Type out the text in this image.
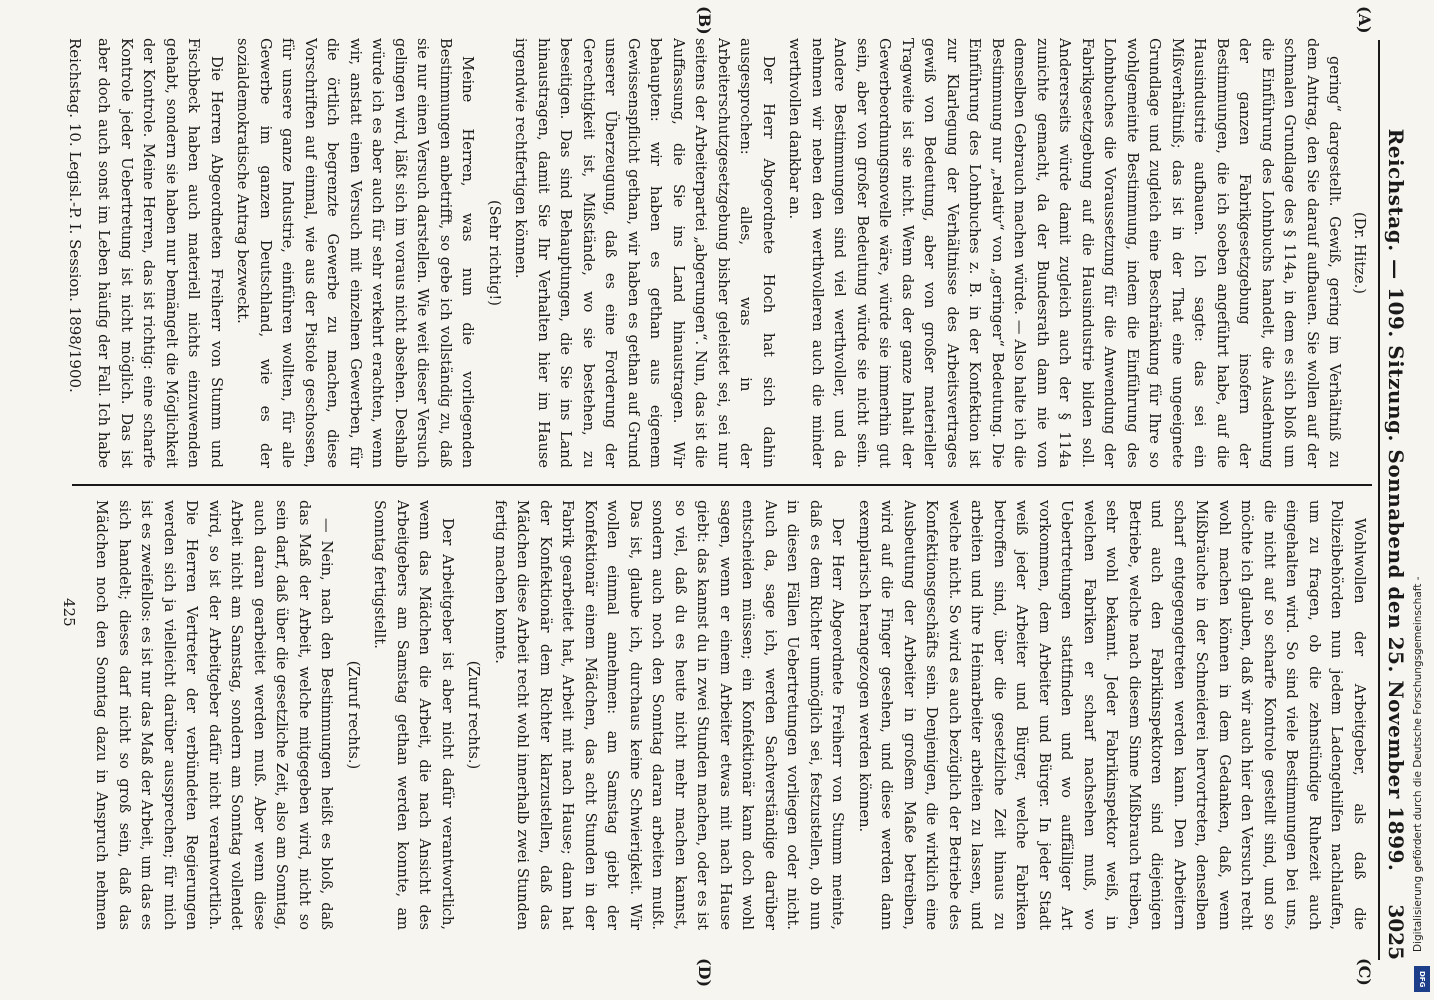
Reichstag. — 109. Sitzung. Sonnabend den 25. November 1899.
3025
(A)
(B)
(C)
(D)
(Dr. Hitze.)

gering“ dargestellt. Gewiß, gering im Verhältniß zu dem Antrag, den Sie darauf aufbauen. Sie wollen auf der schmalen Grundlage des § 114a, in dem es sich bloß um die Einführung des Lohnbuchs handelt, die Ausdehnung der ganzen Fabrikgesetzgebung insofern der Bestimmungen, die ich soeben angeführt habe, auf die Hausindustrie aufbauen. Ich sagte: das sei ein Mißverhältniß; das ist in der That eine ungeeignete Grundlage und zugleich eine Beschränkung für Ihre so wohlgemeinte Bestimmung, indem die Einführung des Lohnbuches die Voraussetzung für die Anwendung der Fabrikgesetzgebung auf die Hausindustrie bilden soll. Andererseits würde damit zugleich auch der § 114a zunichte gemacht, da der Bundesrath dann nie von demselben Gebrauch machen würde. — Also halte ich die Bestimmung nur „relativ“ von „geringer“ Bedeutung. Die Einführung des Lohnbuches z. B. in der Konfektion ist zur Klarlegung der Verhältnisse des Arbeitsvertrages gewiß von Bedeutung, aber von großer materieller Tragweite ist sie nicht. Wenn das der ganze Inhalt der Gewerbeordnungsnovelle wäre, würde sie immerhin gut sein, aber von großer Bedeutung würde sie nicht sein. Andere Bestimmungen sind viel werthvoller, und da nehmen wir neben den werthvolleren auch die minder werthvollen dankbar an.

Der Herr Abgeordnete Hoch hat sich dahin ausgesprochen: alles, was in der Arbeiterschutzgesetzgebung bisher geleistet sei, sei nur seitens der Arbeiterpartei „abgerungen“. Nun, das ist die Auffassung, die Sie ins Land hinaustragen. Wir behaupten: wir haben es gethan aus eigenem Gewissenspflicht gethan, wir haben es gethan auf Grund unserer Überzeugung, daß es eine Forderung der Gerechtigkeit ist, Mißstände, wo sie bestehen, zu beseitigen. Das sind Behauptungen, die Sie ins Land hinaustragen, damit Sie Ihr Verhalten hier im Hause irgendwie rechtfertigen können.

(Sehr richtig!)

Meine Herren, was nun die vorliegenden Bestimmungen anbetrifft, so gebe ich vollständig zu, daß sie nur einen Versuch darstellen. Wie weit dieser Versuch gelingen wird, läßt sich im voraus nicht absehen. Deshalb würde ich es aber auch für sehr verkehrt erachten, wenn wir, anstatt einen Versuch mit einzelnen Gewerben, für die örtlich begrenzte Gewerbe zu machen, diese Vorschriften auf einmal, wie aus der Pistole geschossen, für unsere ganze Industrie, einführen wollten, für alle Gewerbe im ganzen Deutschland, wie es der sozialdemokratische Antrag bezweckt.

Die Herren Abgeordneten Freiherr von Stumm und Fischbeck haben auch materiell nichts einzuwenden gehabt, sondern sie haben nur bemängelt die Möglichkeit der Kontrole. Meine Herren, das ist richtig: eine scharfe Kontrole jeder Uebertretung ist nicht möglich. Das ist aber doch auch sonst im Leben häufig der Fall. Ich habe

Wohlwollen der Arbeitgeber, als daß die Polizeibehörden nun jedem Ladengehilfen nachlaufen, um zu fragen, ob die zehnstündige Ruhezeit auch eingehalten wird. So sind viele Bestimmungen bei uns, die nicht auf so scharfe Kontrole gestellt sind, und so möchte ich glauben, daß wir auch hier den Versuch recht wohl machen können in dem Gedanken, daß, wenn Mißbräuche in der Schneiderei hervortreten, denselben scharf entgegengetreten werden kann. Den Arbeitern und auch den Fabrikinspektoren sind diejenigen Betriebe, welche nach diesem Sinne Mißbrauch treiben, sehr wohl bekannt. Jeder Fabrikinspektor weiß, in welchen Fabriken er scharf nachsehen muß, wo Uebertretungen stattfinden und wo auffälliger Art vorkommen, dem Arbeiter und Bürger. In jeder Stadt weiß jeder Arbeiter und Bürger, welche Fabriken betroffen sind, über die gesetzliche Zeit hinaus zu arbeiten und ihre Heimarbeiter arbeiten zu lassen, und welche nicht. So wird es auch bezüglich der Betriebe des Konfektionsgeschäfts sein. Denjenigen, die wirklich eine Ausbeutung der Arbeiter in großem Maße betreiben, wird auf die Finger gesehen, und diese werden dann exemplarisch herangezogen werden können.

Der Herr Abgeordnete Freiherr von Stumm meinte, daß es dem Richter unmöglich sei, festzustellen, ob nun in diesen Fällen Uebertretungen vorliegen oder nicht. Auch da, sage ich, werden Sachverständige darüber entscheiden müssen; ein Konfektionär kann doch wohl sagen, wenn er einem Arbeiter etwas mit nach Hause giebt: das kannst du in zwei Stunden machen, oder es ist so viel, daß du es heute nicht mehr machen kannst, sondern auch noch den Sonntag daran arbeiten mußt. Das ist, glaube ich, durchaus keine Schwierigkeit. Wir wollen einmal annehmen: am Samstag giebt der Konfektionär einem Mädchen, das acht Stunden in der Fabrik gearbeitet hat, Arbeit mit nach Hause; dann hat der Konfektionär dem Richter klarzustellen, daß das Mädchen diese Arbeit recht wohl innerhalb zwei Stunden fertig machen konnte.

(Zuruf rechts.)

Der Arbeitgeber ist aber nicht dafür verantwortlich, wenn das Mädchen die Arbeit, die nach Ansicht des Arbeitgebers am Samstag gethan werden konnte, am Sonntag fertigstellt.

(Zuruf rechts.)

— Nein, nach den Bestimmungen heißt es bloß, daß das Maß der Arbeit, welche mitgegeben wird, nicht so sein darf, daß über die gesetzliche Zeit, also am Sonntag, auch daran gearbeitet werden muß. Aber wenn diese Arbeit nicht am Samstag, sondern am Sonntag vollendet wird, so ist der Arbeitgeber dafür nicht verantwortlich. Die Herren Vertreter der verbündeten Regierungen werden sich ja vielleicht darüber aussprechen; für mich ist es zweifellos: es ist nur das Maß der Arbeit, um das es sich handelt; dieses darf nicht so groß sein, daß das Mädchen noch den Sonntag dazu in Anspruch nehmen

Reichstag. 10. Legisl.-P. I. Session. 1898/1900.
425	Digitalisierung gefördert durch die Deutsche Forschungsgemeinschaft -
DFG
